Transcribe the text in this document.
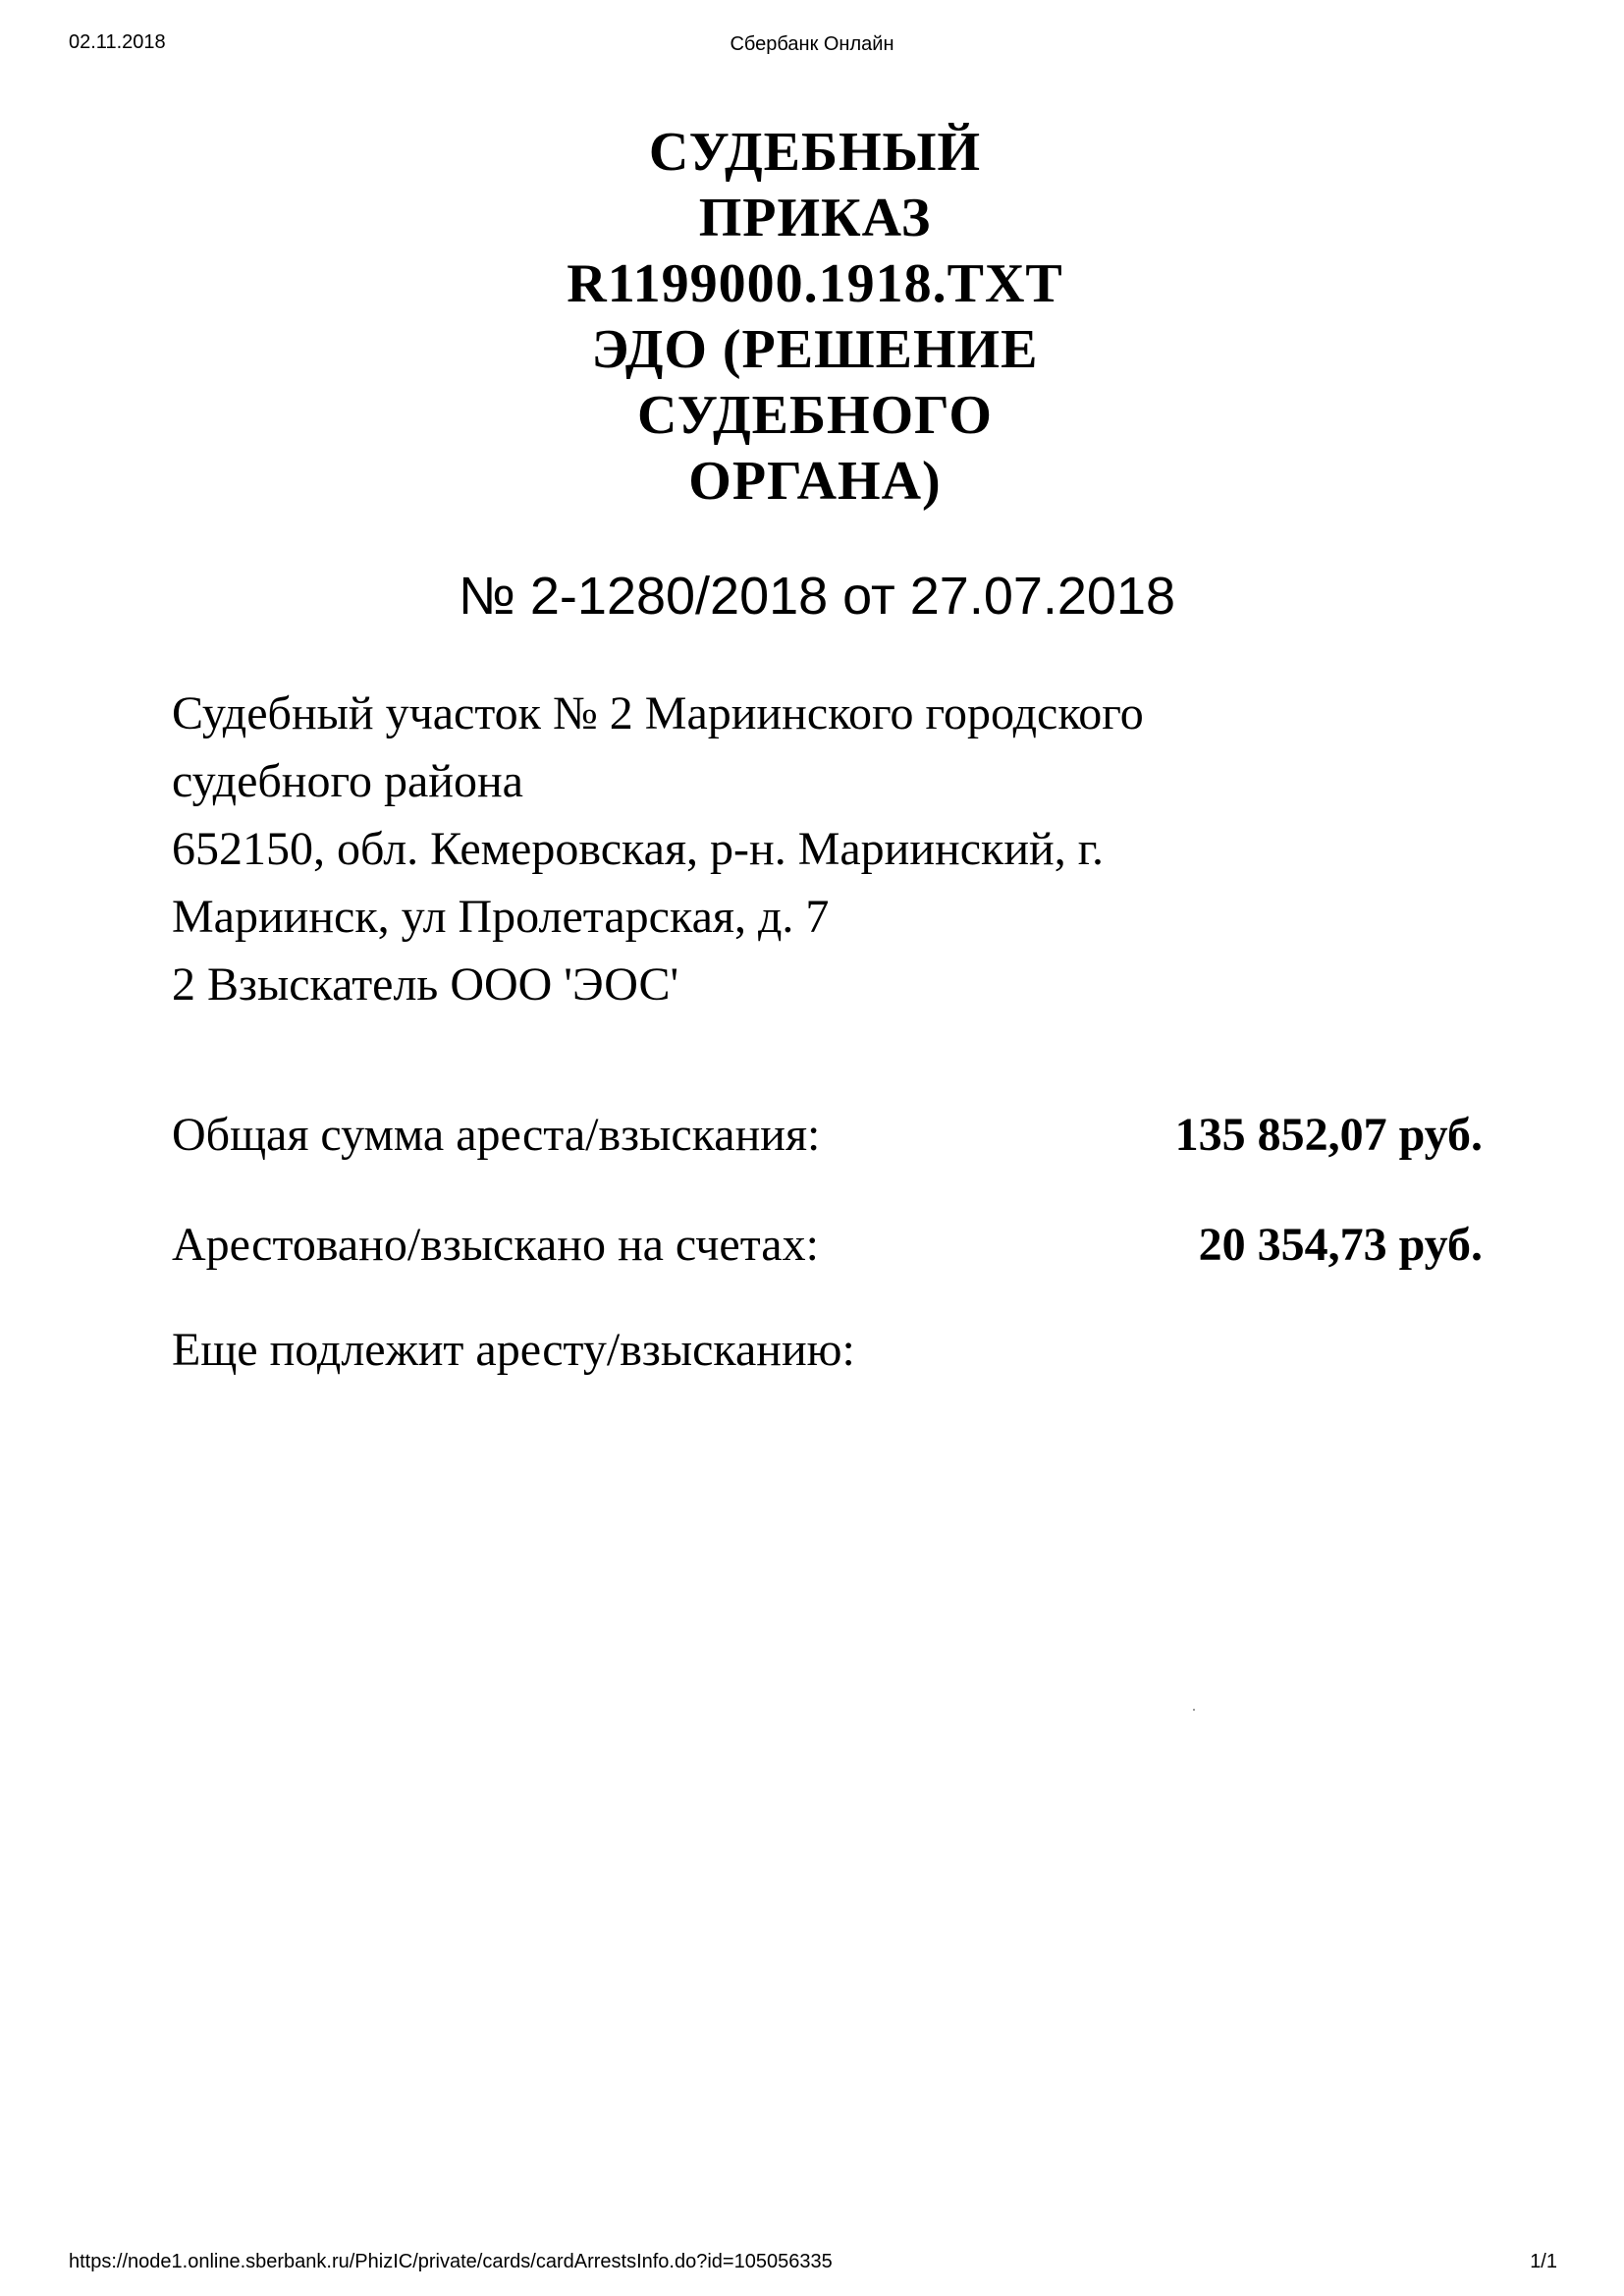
02.11.2018	Сбербанк Онлайн
СУДЕБНЫЙ
ПРИКАЗ
R1199000.1918.TXT
ЭДО (РЕШЕНИЕ
СУДЕБНОГО
ОРГАНА)
№ 2-1280/2018 от 27.07.2018
Судебный участок № 2 Мариинского городского
судебного района
652150, обл. Кемеровская, р-н. Мариинский, г.
Мариинск, ул Пролетарская, д. 7
2 Взыскатель ООО 'ЭОС'
Общая сумма ареста/взыскания:	135 852,07 руб.
Арестовано/взыскано на счетах:	20 354,73 руб.
Еще подлежит аресту/взысканию:
https://node1.online.sberbank.ru/PhizIC/private/cards/cardArrestsInfo.do?id=105056335	1/1
